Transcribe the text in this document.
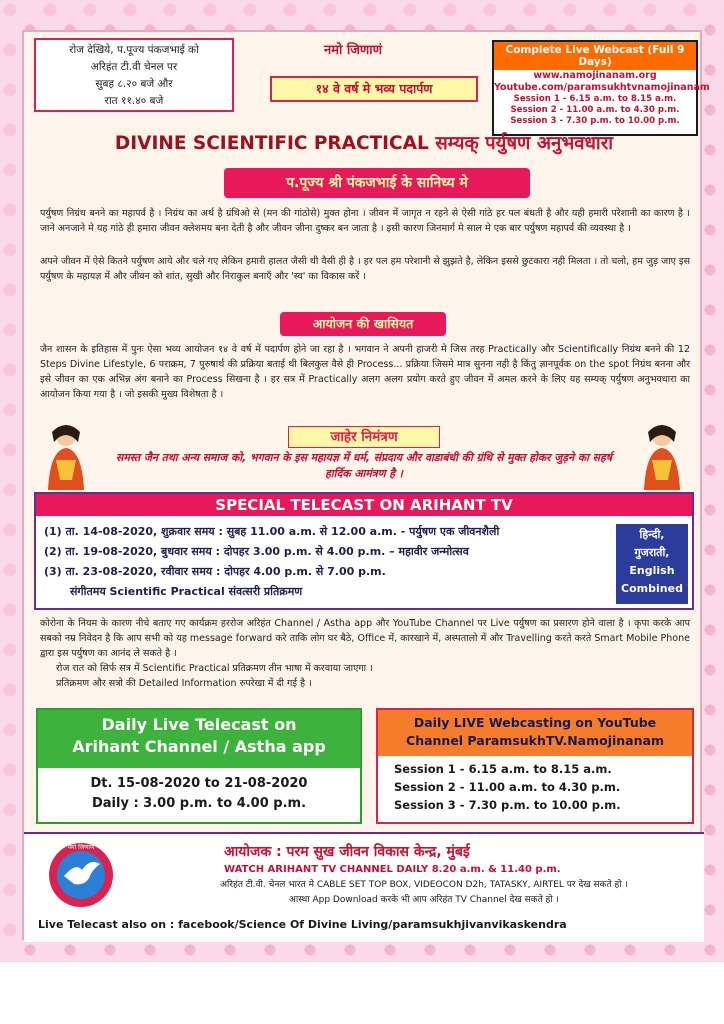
रोज देखिये, प.पूज्य पंकजभाई को
अरिहंत टी.वी चेनल पर
सुबह ८.२० बजे और
रात ११.४० बजे
नमो जिणाणं
१४ वे वर्ष मे भव्य पदार्पण
Complete Live Webcast (Full 9 Days)
www.namojinanam.org
Youtube.com/paramsukhtvnamojinanam
Session 1 - 6.15 a.m. to 8.15 a.m.
Session 2 - 11.00 a.m. to 4.30 p.m.
Session 3 - 7.30 p.m. to 10.00 p.m.
DIVINE SCIENTIFIC PRACTICAL सम्यक् पर्युषण अनुभवधारा
प.पूज्य श्री पंकजभाई के सानिध्य मे
पर्युषण निग्रंथ बनने का महापर्व है । निग्रंथ का अर्थ है ग्रंथिओ से (मन की गांठोसे) मुक्त होना । जीवन में जागृत न रहने से ऐसी गांठे हर पल बंधती है और यही हमारी परेशानी का कारण है । जाने अनजाने मे यह गांठे ही हमारा जीवन क्लेशमय बना देती है और जीवन जीना दुष्कर बन जाता है । इसी कारण जिनमार्ग मे साल मे एक बार पर्युषण महापर्व की व्यवस्था है ।
अपने जीवन में ऐसे कितने पर्युषण आये और चले गए लेकिन हमारी हालत जैसी थी वैसी ही है । हर पल हम परेशानी से झुझते है, लेकिन इससे छुटकारा नही मिलता । तो चलो, हम जुड़ जाए इस पर्युषण के महायज्ञ में और जीवन को शांत, सुखी और निराकुल बनाएँ और 'स्व' का विकास करें ।
आयोजन की खासियत
जैन शासन के इतिहास में पुनः ऐसा भव्य आयोजन १४ वे वर्ष में पदार्पण होने जा रहा है । भगवान ने अपनी हाजरी मे जिस तरह Practically और Scientifically निग्रंथ बनने की 12 Steps Divine Lifestyle, 6 पराक्रम, 7 पुरुषार्थ की प्रक्रिया बताई थी बिलकुल वैसे ही Process... प्रक्रिया जिसमे मात्र सुनना नही है किंतु ज्ञानपूर्वक on the spot निग्रंथ बनना और इसे जीवन का एक अभिन्न अंग बनाने का Process सिखना है । हर सत्र में Practically अलग अलग प्रयोग करते हुए जीवन में अमल करने के लिए यह सम्यक् पर्युषण अनुभवधारा का आयोजन किया गया है । जो इसकी मुख्य विशेषता है ।
जाहेर निमंत्रण
समस्त जैन तथा अन्य समाज को, भगवान के इस महायज्ञ में धर्म, संप्रदाय और वाडाबंधी की ग्रंथि से मुक्त होकर जुड़ने का सहर्ष हार्दिक आमंत्रण है ।
SPECIAL TELECAST ON ARIHANT TV
(1) ता. 14-08-2020, शुक्रवार समय : सुबह 11.00 a.m. से 12.00 a.m. - पर्युषण एक जीवनशैली
(2) ता. 19-08-2020, बुधवार समय : दोपहर 3.00 p.m. से 4.00 p.m. – महावीर जन्मोत्सव
(3) ता. 23-08-2020, रवीवार समय : दोपहर 4.00 p.m. से 7.00 p.m.
संगीतमय Scientific Practical संवत्सरी प्रतिक्रमण
हिन्दी,
गुजराती,
English
Combined
कोरोना के नियम के कारण नीचे बताए गए कार्यक्रम हररोज अरिहंत Channel / Astha app और YouTube Channel पर Live पर्युषण का प्रसारण होने वाला है । कृपा करके आप सबको नम्र निवेदन है कि आप सभी को यह message forward करे ताकि लोग घर बैठे, Office में, कारखाने में, अस्पतालो में और Travelling करते करते Smart Mobile Phone द्वारा इस पर्युषण का आनंद ले सकते है ।
रोज रात को सिर्फ सत्र में Scientific Practical प्रतिक्रमण तीन भाषा में करवाया जाएगा ।
प्रतिक्रमण और सत्रो की Detailed Information रुपरेखा में दी गई है ।
Daily Live Telecast on
Arihant Channel / Astha app
Dt. 15-08-2020 to 21-08-2020
Daily : 3.00 p.m. to 4.00 p.m.
Daily LIVE Webcasting on YouTube
Channel ParamsukhTV.Namojinanam
Session 1 - 6.15 a.m. to 8.15 a.m.
Session 2 - 11.00 a.m. to 4.30 p.m.
Session 3 - 7.30 p.m. to 10.00 p.m.
नमो जिणाणं	आयोजक : परम सुख जीवन विकास केन्द्र, मुंबई
WATCH ARIHANT TV CHANNEL DAILY 8.20 a.m. & 11.40 p.m.
अरिहंत टी.वी. चेनल भारत मे CABLE SET TOP BOX, VIDEOCON D2h, TATASKY, AIRTEL पर देख सकते हो ।
आस्था App Download करके भी आप अरिहंत TV Channel देख सकते हो ।
Live Telecast also on : facebook/Science Of Divine Living/paramsukhjivanvikaskendra
